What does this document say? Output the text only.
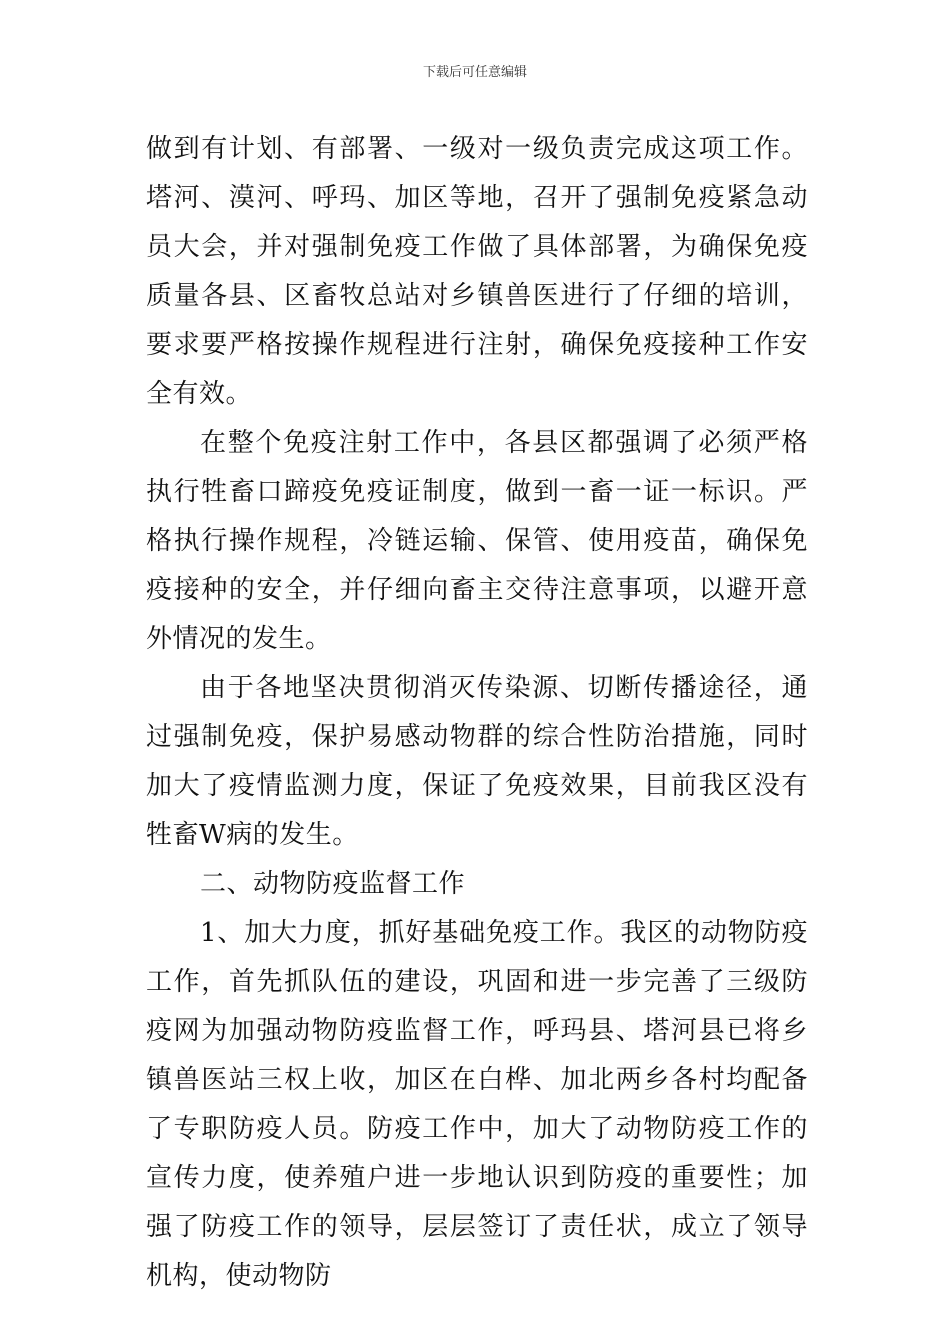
下载后可任意编辑

做到有计划、有部署、一级对一级负责完成这项工作。塔河、漠河、呼玛、加区等地，召开了强制免疫紧急动员大会，并对强制免疫工作做了具体部署，为确保免疫质量各县、区畜牧总站对乡镇兽医进行了仔细的培训，要求要严格按操作规程进行注射，确保免疫接种工作安全有效。

在整个免疫注射工作中，各县区都强调了必须严格执行牲畜口蹄疫免疫证制度，做到一畜一证一标识。严格执行操作规程，冷链运输、保管、使用疫苗，确保免疫接种的安全，并仔细向畜主交待注意事项，以避开意外情况的发生。

由于各地坚决贯彻消灭传染源、切断传播途径，通过强制免疫，保护易感动物群的综合性防治措施，同时加大了疫情监测力度，保证了免疫效果，目前我区没有牲畜W病的发生。

二、动物防疫监督工作

1、加大力度，抓好基础免疫工作。我区的动物防疫工作，首先抓队伍的建设，巩固和进一步完善了三级防疫网为加强动物防疫监督工作，呼玛县、塔河县已将乡镇兽医站三权上收，加区在白桦、加北两乡各村均配备了专职防疫人员。防疫工作中，加大了动物防疫工作的宣传力度，使养殖户进一步地认识到防疫的重要性；加强了防疫工作的领导，层层签订了责任状，成立了领导机构，使动物防
